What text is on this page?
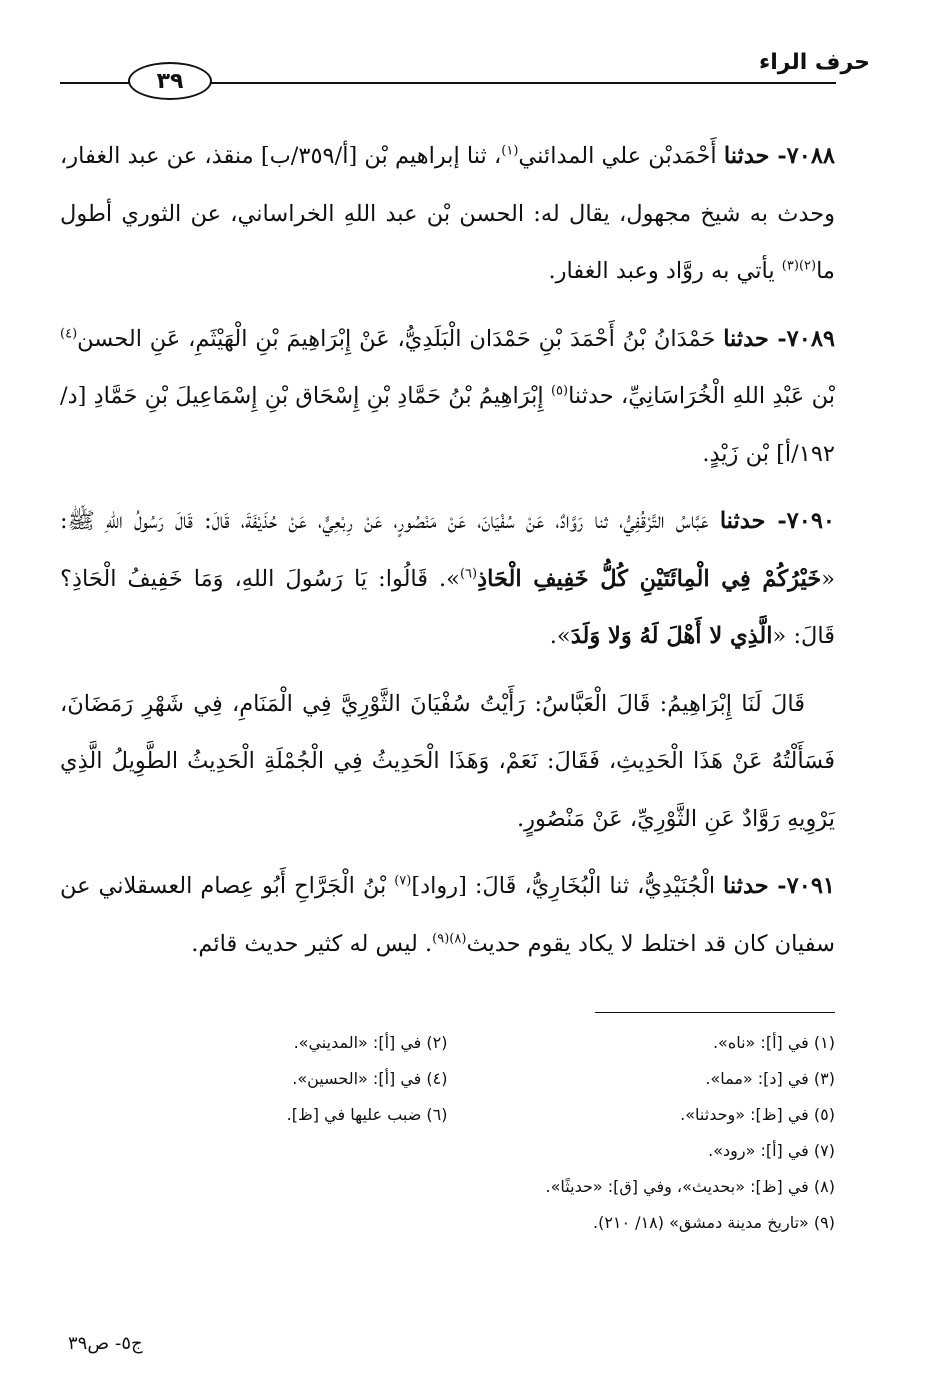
حرف الراء
٣٩

٧٠٨٨- حدثنا أَحْمَدبْن علي المدائني$^{(١)}$، ثنا إبراهيم بْن [أ/٣٥٩/ب] منقذ، عن عبد الغفار، وحدث به شيخ مجهول، يقال له: الحسن بْن عبد اللهِ الخراساني، عن الثوري أطول ما$^{(٢)(٣)}$ يأتي به روَّاد وعبد الغفار.

٧٠٨٩- حدثنا حَمْدَانُ بْنُ أَحْمَدَ بْنِ حَمْدَان الْبَلَدِيُّ، عَنْ إِبْرَاهِيمَ بْنِ الْهَيْثَمِ، عَنِ الحسن$^{(٤)}$ بْن عَبْدِ اللهِ الْخُرَاسَانِيِّ، حدثنا$^{(٥)}$ إِبْرَاهِيمُ بْنُ حَمَّادِ بْنِ إِسْحَاق بْنِ إِسْمَاعِيلَ بْنِ حَمَّادِ [د/١٩٢/أ] بْن زَيْدٍ.

٧٠٩٠- حدثنا عَبَّاسُ التَّرْقُفِيُّ، ثنا رَوَّادٌ، عَنْ سُفْيَانَ، عَنْ مَنْصُورٍ، عَنْ رِبْعِيٍّ، عَنْ حُذَيْفَةَ، قَالَ: قَالَ رَسُولُ اللهِ ﷺ: «خَيْرُكُمْ فِي الْمِائَتَيْنِ كُلُّ خَفِيفِ الْحَاذِ$^{(٦)}$». قَالُوا: يَا رَسُولَ اللهِ، وَمَا خَفِيفُ الْحَاذِ؟ قَالَ: «الَّذِي لا أَهْلَ لَهُ وَلا وَلَدَ».

قَالَ لَنَا إِبْرَاهِيمُ: قَالَ الْعَبَّاسُ: رَأَيْتُ سُفْيَانَ الثَّوْرِيَّ فِي الْمَنَامِ، فِي شَهْرِ رَمَضَانَ، فَسَأَلْتُهُ عَنْ هَذَا الْحَدِيثِ، فَقَالَ: نَعَمْ، وَهَذَا الْحَدِيثُ فِي الْجُمْلَةِ الْحَدِيثُ الطَّوِيلُ الَّذِي يَرْوِيهِ رَوَّادٌ عَنِ الثَّوْرِيِّ، عَنْ مَنْصُورٍ.

٧٠٩١- حدثنا الْجُنَيْدِيُّ، ثنا الْبُخَارِيُّ، قَالَ: [رواد]$^{(٧)}$ بْنُ الْجَرَّاحِ أَبُو عِصام العسقلاني عن سفيان كان قد اختلط لا يكاد يقوم حديث$^{(٨)(٩)}$. ليس له كثير حديث قائم.

(١) في [أ]: «ناه».
(٢) في [أ]: «المديني».
(٣) في [د]: «مما».
(٤) في [أ]: «الحسين».
(٥) في [ظ]: «وحدثنا».
(٦) ضبب عليها في [ظ].
(٧) في [أ]: «رود».
(٨) في [ظ]: «بحديث»، وفي [ق]: «حديثًا».
(٩) «تاريخ مدينة دمشق» (١٨/ ٢١٠).
ج٥- ص٣٩
